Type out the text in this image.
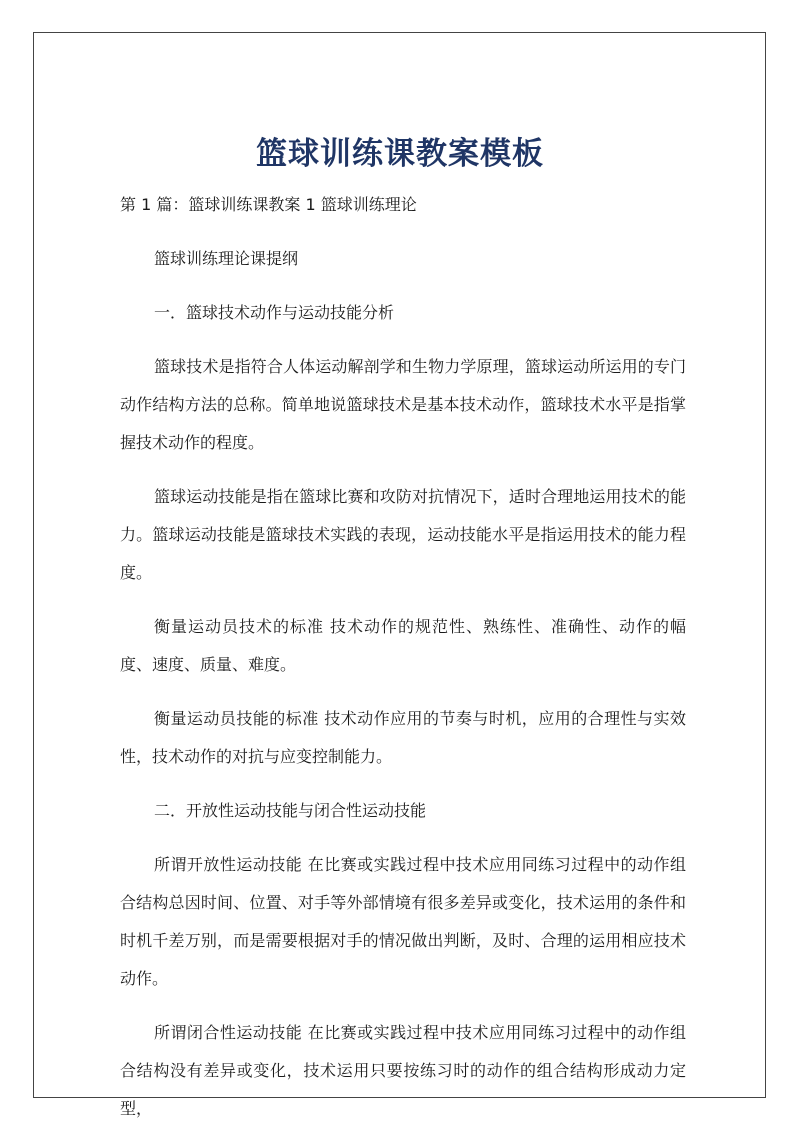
篮球训练课教案模板

第 1 篇：篮球训练课教案 1 篮球训练理论

篮球训练理论课提纲

一．篮球技术动作与运动技能分析

篮球技术是指符合人体运动解剖学和生物力学原理，篮球运动所运用的专门动作结构方法的总称。简单地说篮球技术是基本技术动作，篮球技术水平是指掌握技术动作的程度。

篮球运动技能是指在篮球比赛和攻防对抗情况下，适时合理地运用技术的能力。篮球运动技能是篮球技术实践的表现，运动技能水平是指运用技术的能力程度。

衡量运动员技术的标准 技术动作的规范性、熟练性、准确性、动作的幅度、速度、质量、难度。

衡量运动员技能的标准 技术动作应用的节奏与时机，应用的合理性与实效性，技术动作的对抗与应变控制能力。

二．开放性运动技能与闭合性运动技能

所谓开放性运动技能 在比赛或实践过程中技术应用同练习过程中的动作组合结构总因时间、位置、对手等外部情境有很多差异或变化，技术运用的条件和时机千差万别，而是需要根据对手的情况做出判断，及时、合理的运用相应技术动作。

所谓闭合性运动技能 在比赛或实践过程中技术应用同练习过程中的动作组合结构没有差异或变化，技术运用只要按练习时的动作的组合结构形成动力定型，
